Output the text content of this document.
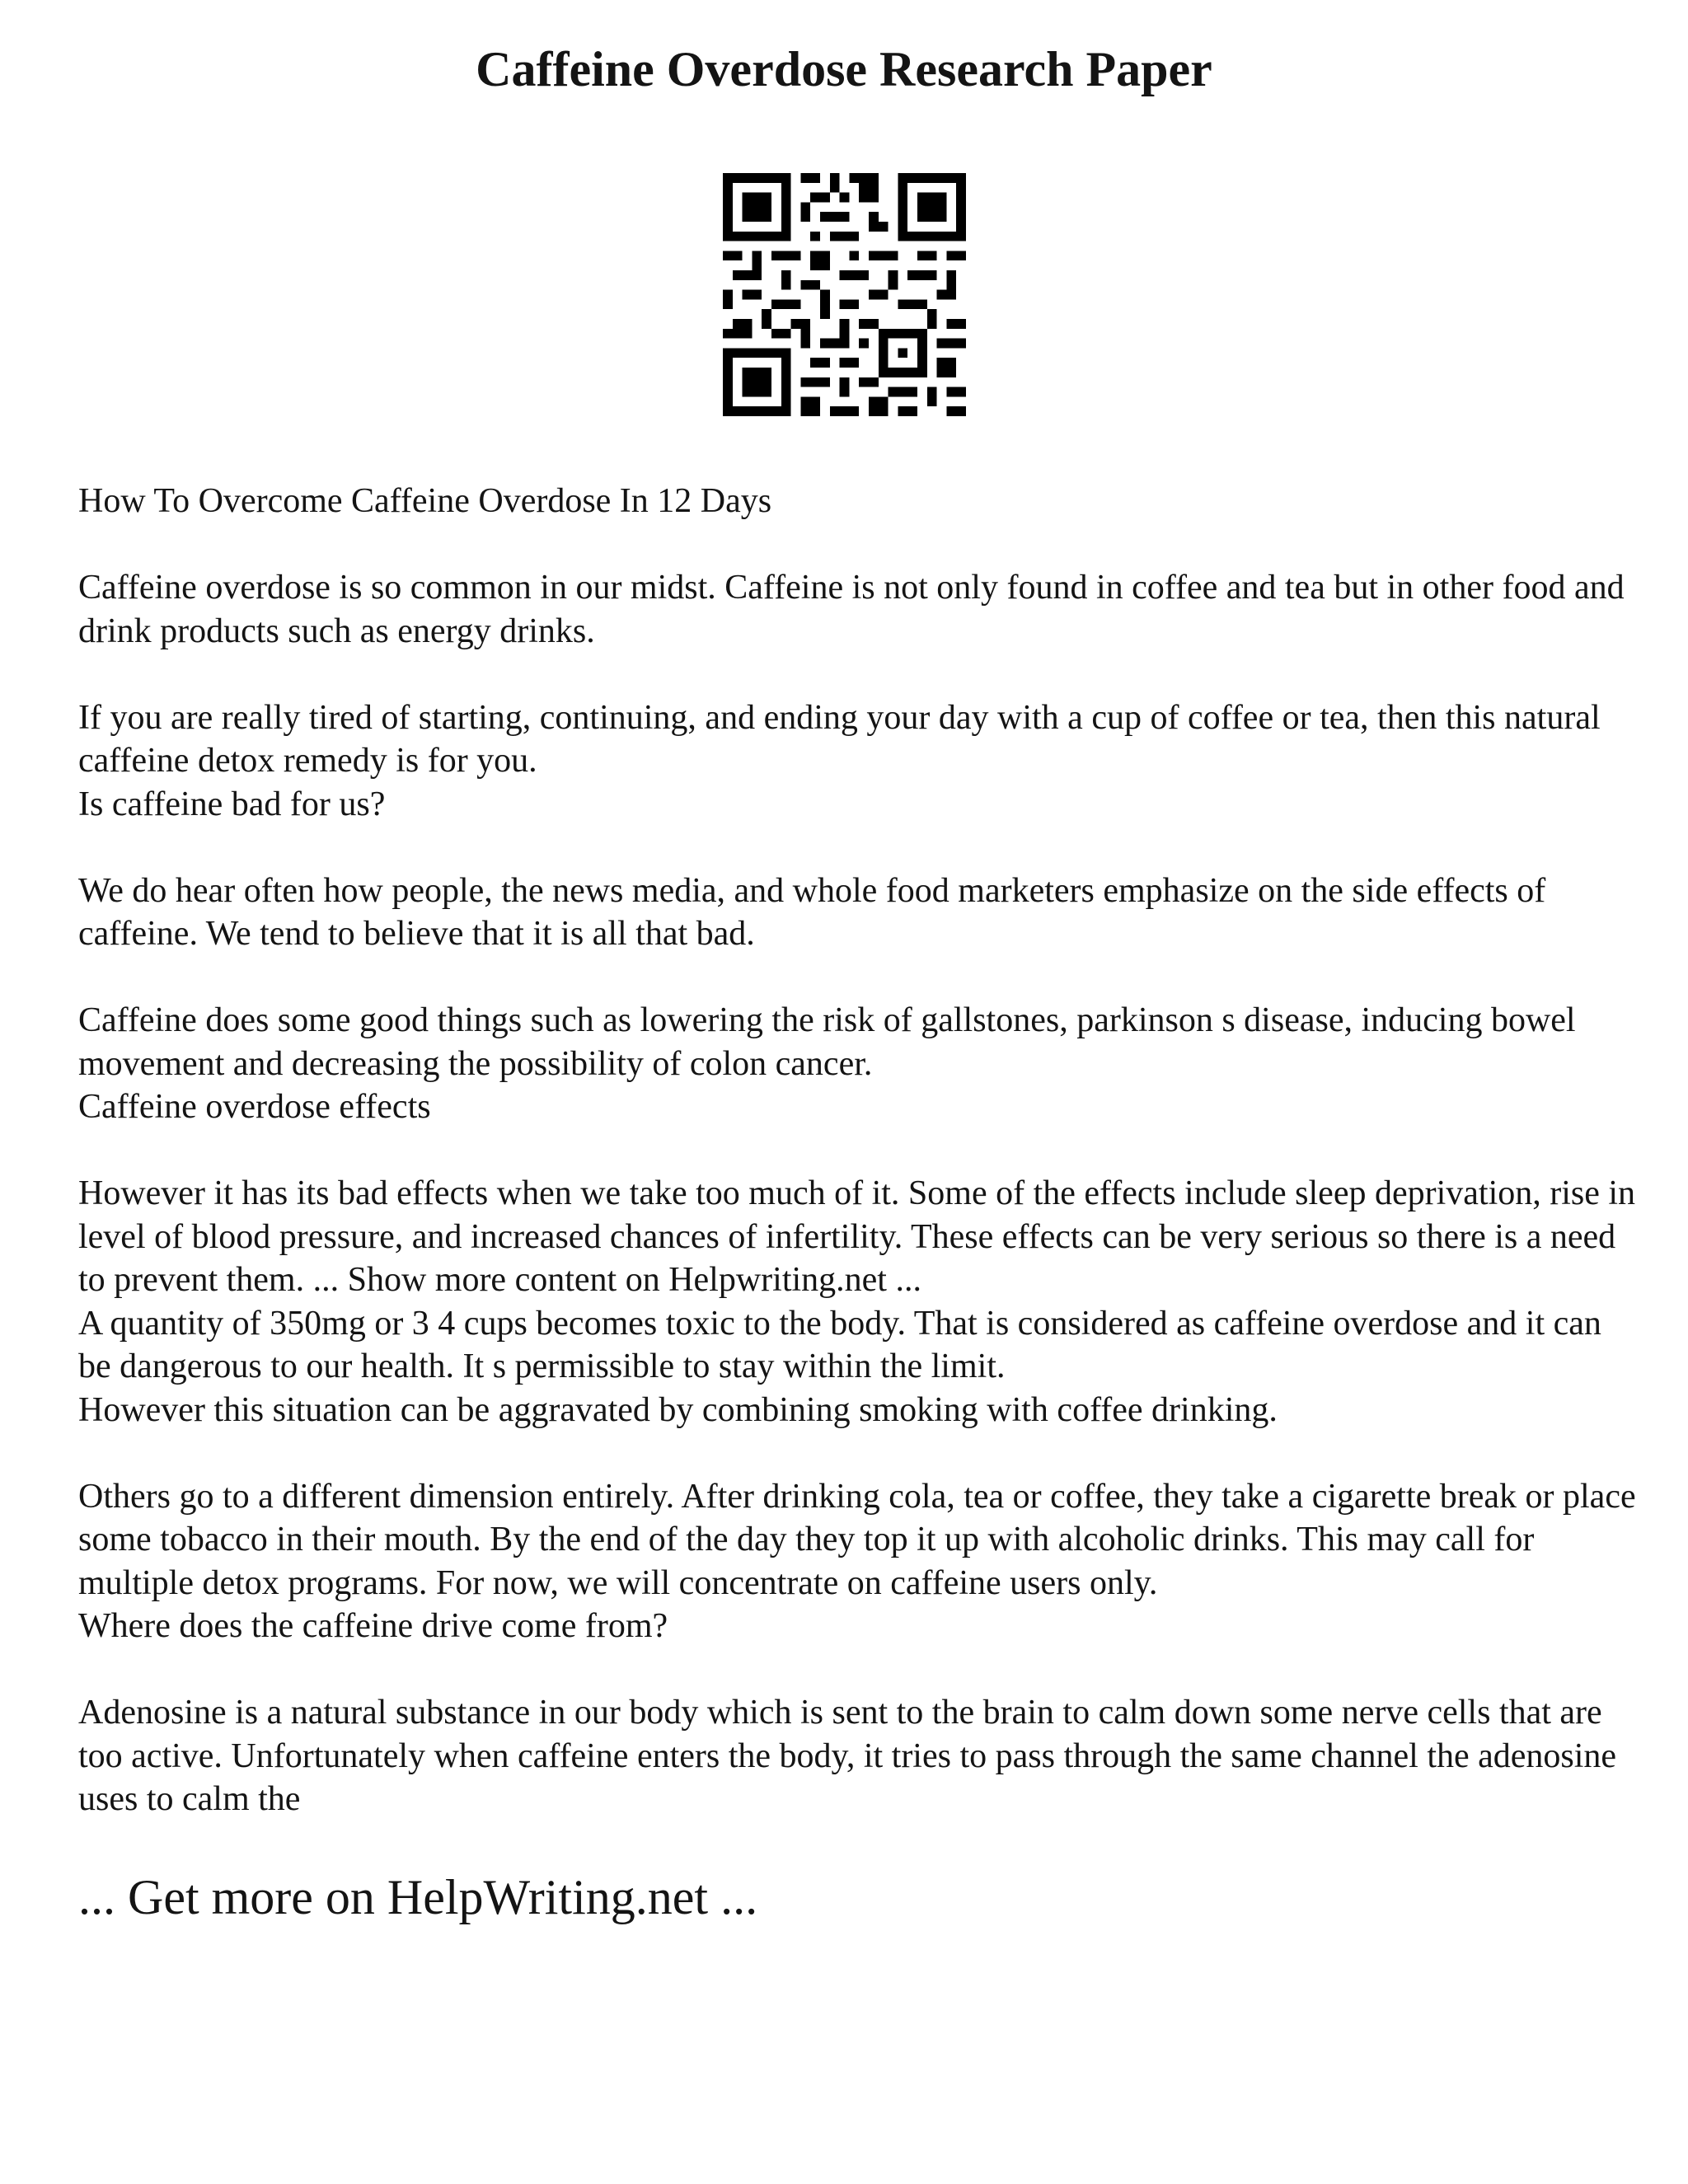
Caffeine Overdose Research Paper

How To Overcome Caffeine Overdose In 12 Days

Caffeine overdose is so common in our midst. Caffeine is not only found in coffee and tea but in other food and drink products such as energy drinks.

If you are really tired of starting, continuing, and ending your day with a cup of coffee or tea, then this natural caffeine detox remedy is for you.
Is caffeine bad for us?

We do hear often how people, the news media, and whole food marketers emphasize on the side effects of caffeine. We tend to believe that it is all that bad.

Caffeine does some good things such as lowering the risk of gallstones, parkinson s disease, inducing bowel movement and decreasing the possibility of colon cancer.
Caffeine overdose effects

However it has its bad effects when we take too much of it. Some of the effects include sleep deprivation, rise in level of blood pressure, and increased chances of infertility. These effects can be very serious so there is a need to prevent them. ... Show more content on Helpwriting.net ...
A quantity of 350mg or 3 4 cups becomes toxic to the body. That is considered as caffeine overdose and it can be dangerous to our health. It s permissible to stay within the limit.
However this situation can be aggravated by combining smoking with coffee drinking.

Others go to a different dimension entirely. After drinking cola, tea or coffee, they take a cigarette break or place some tobacco in their mouth. By the end of the day they top it up with alcoholic drinks. This may call for multiple detox programs. For now, we will concentrate on caffeine users only.
Where does the caffeine drive come from?

Adenosine is a natural substance in our body which is sent to the brain to calm down some nerve cells that are too active. Unfortunately when caffeine enters the body, it tries to pass through the same channel the adenosine uses to calm the

... Get more on HelpWriting.net ...
